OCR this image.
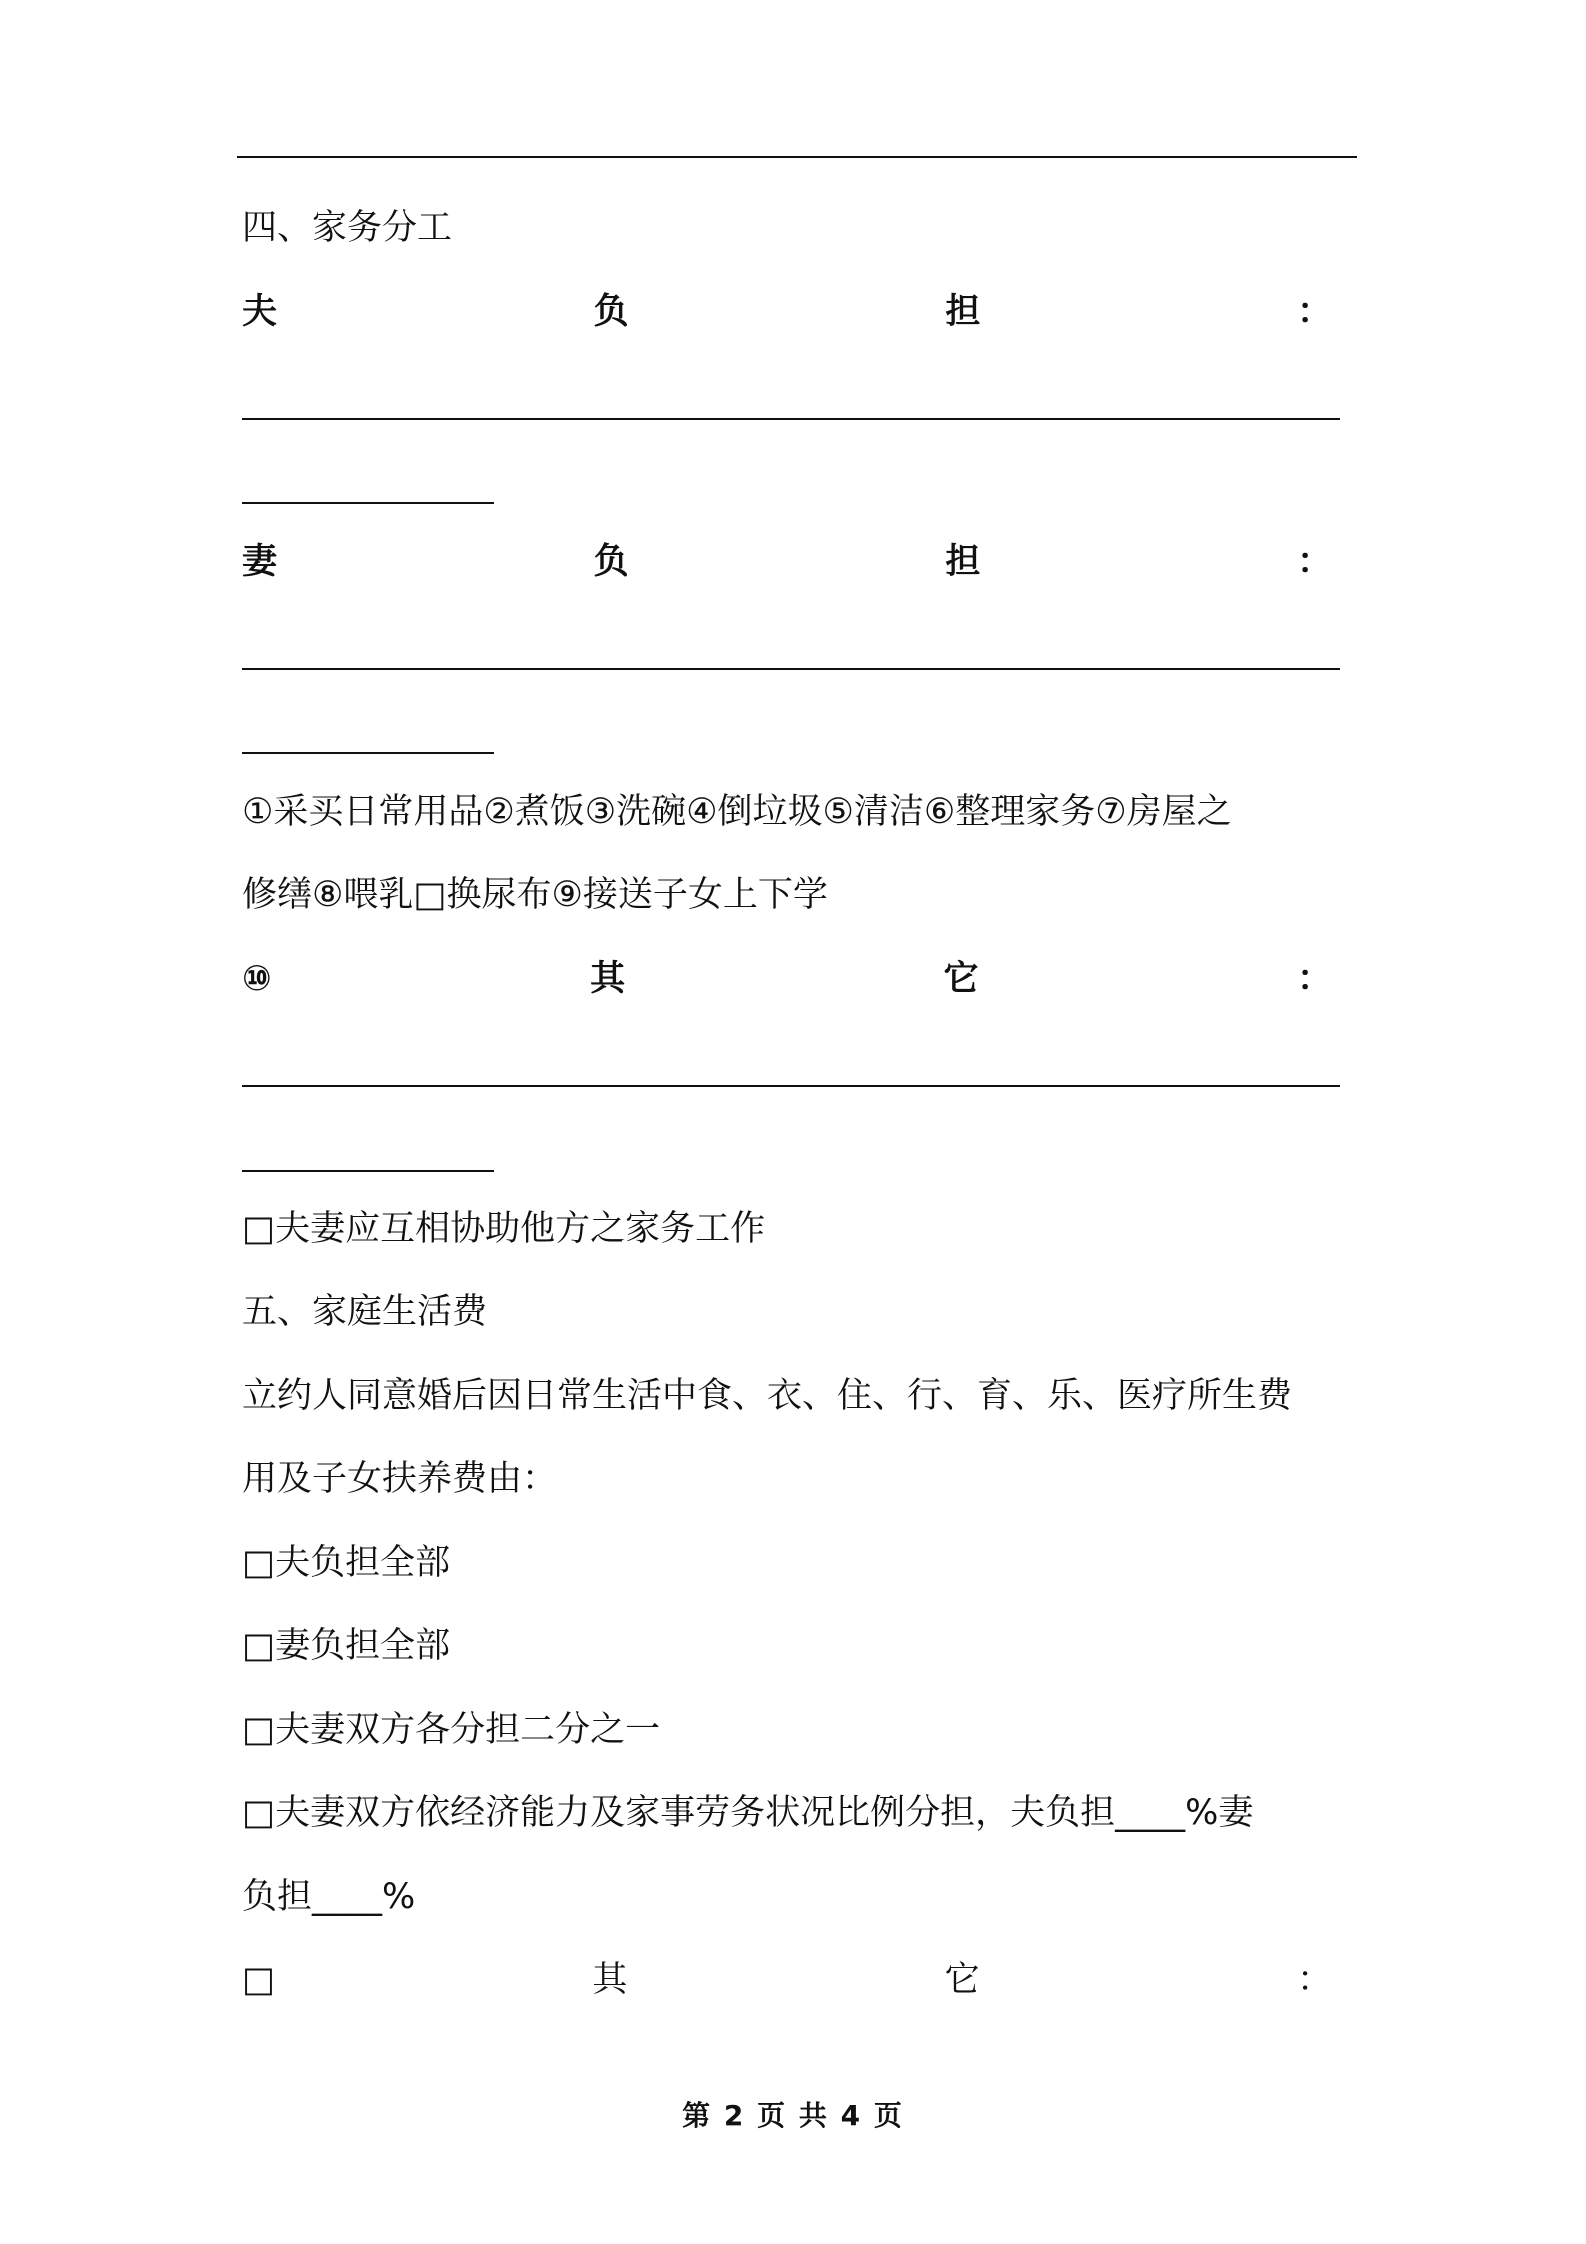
四、家务分工
夫	负	担	：
妻	负	担	：
①采买日常用品②煮饭③洗碗④倒垃圾⑤清洁⑥整理家务⑦房屋之
修缮⑧喂乳□换尿布⑨接送子女上下学
⑩	其	它	：
□夫妻应互相协助他方之家务工作
五、家庭生活费
立约人同意婚后因日常生活中食、衣、住、行、育、乐、医疗所生费
用及子女扶养费由：
□夫负担全部
□妻负担全部
□夫妻双方各分担二分之一
□夫妻双方依经济能力及家事劳务状况比例分担，夫负担____%妻
负担____%
□	其	它	：
第 2 页 共 4 页
